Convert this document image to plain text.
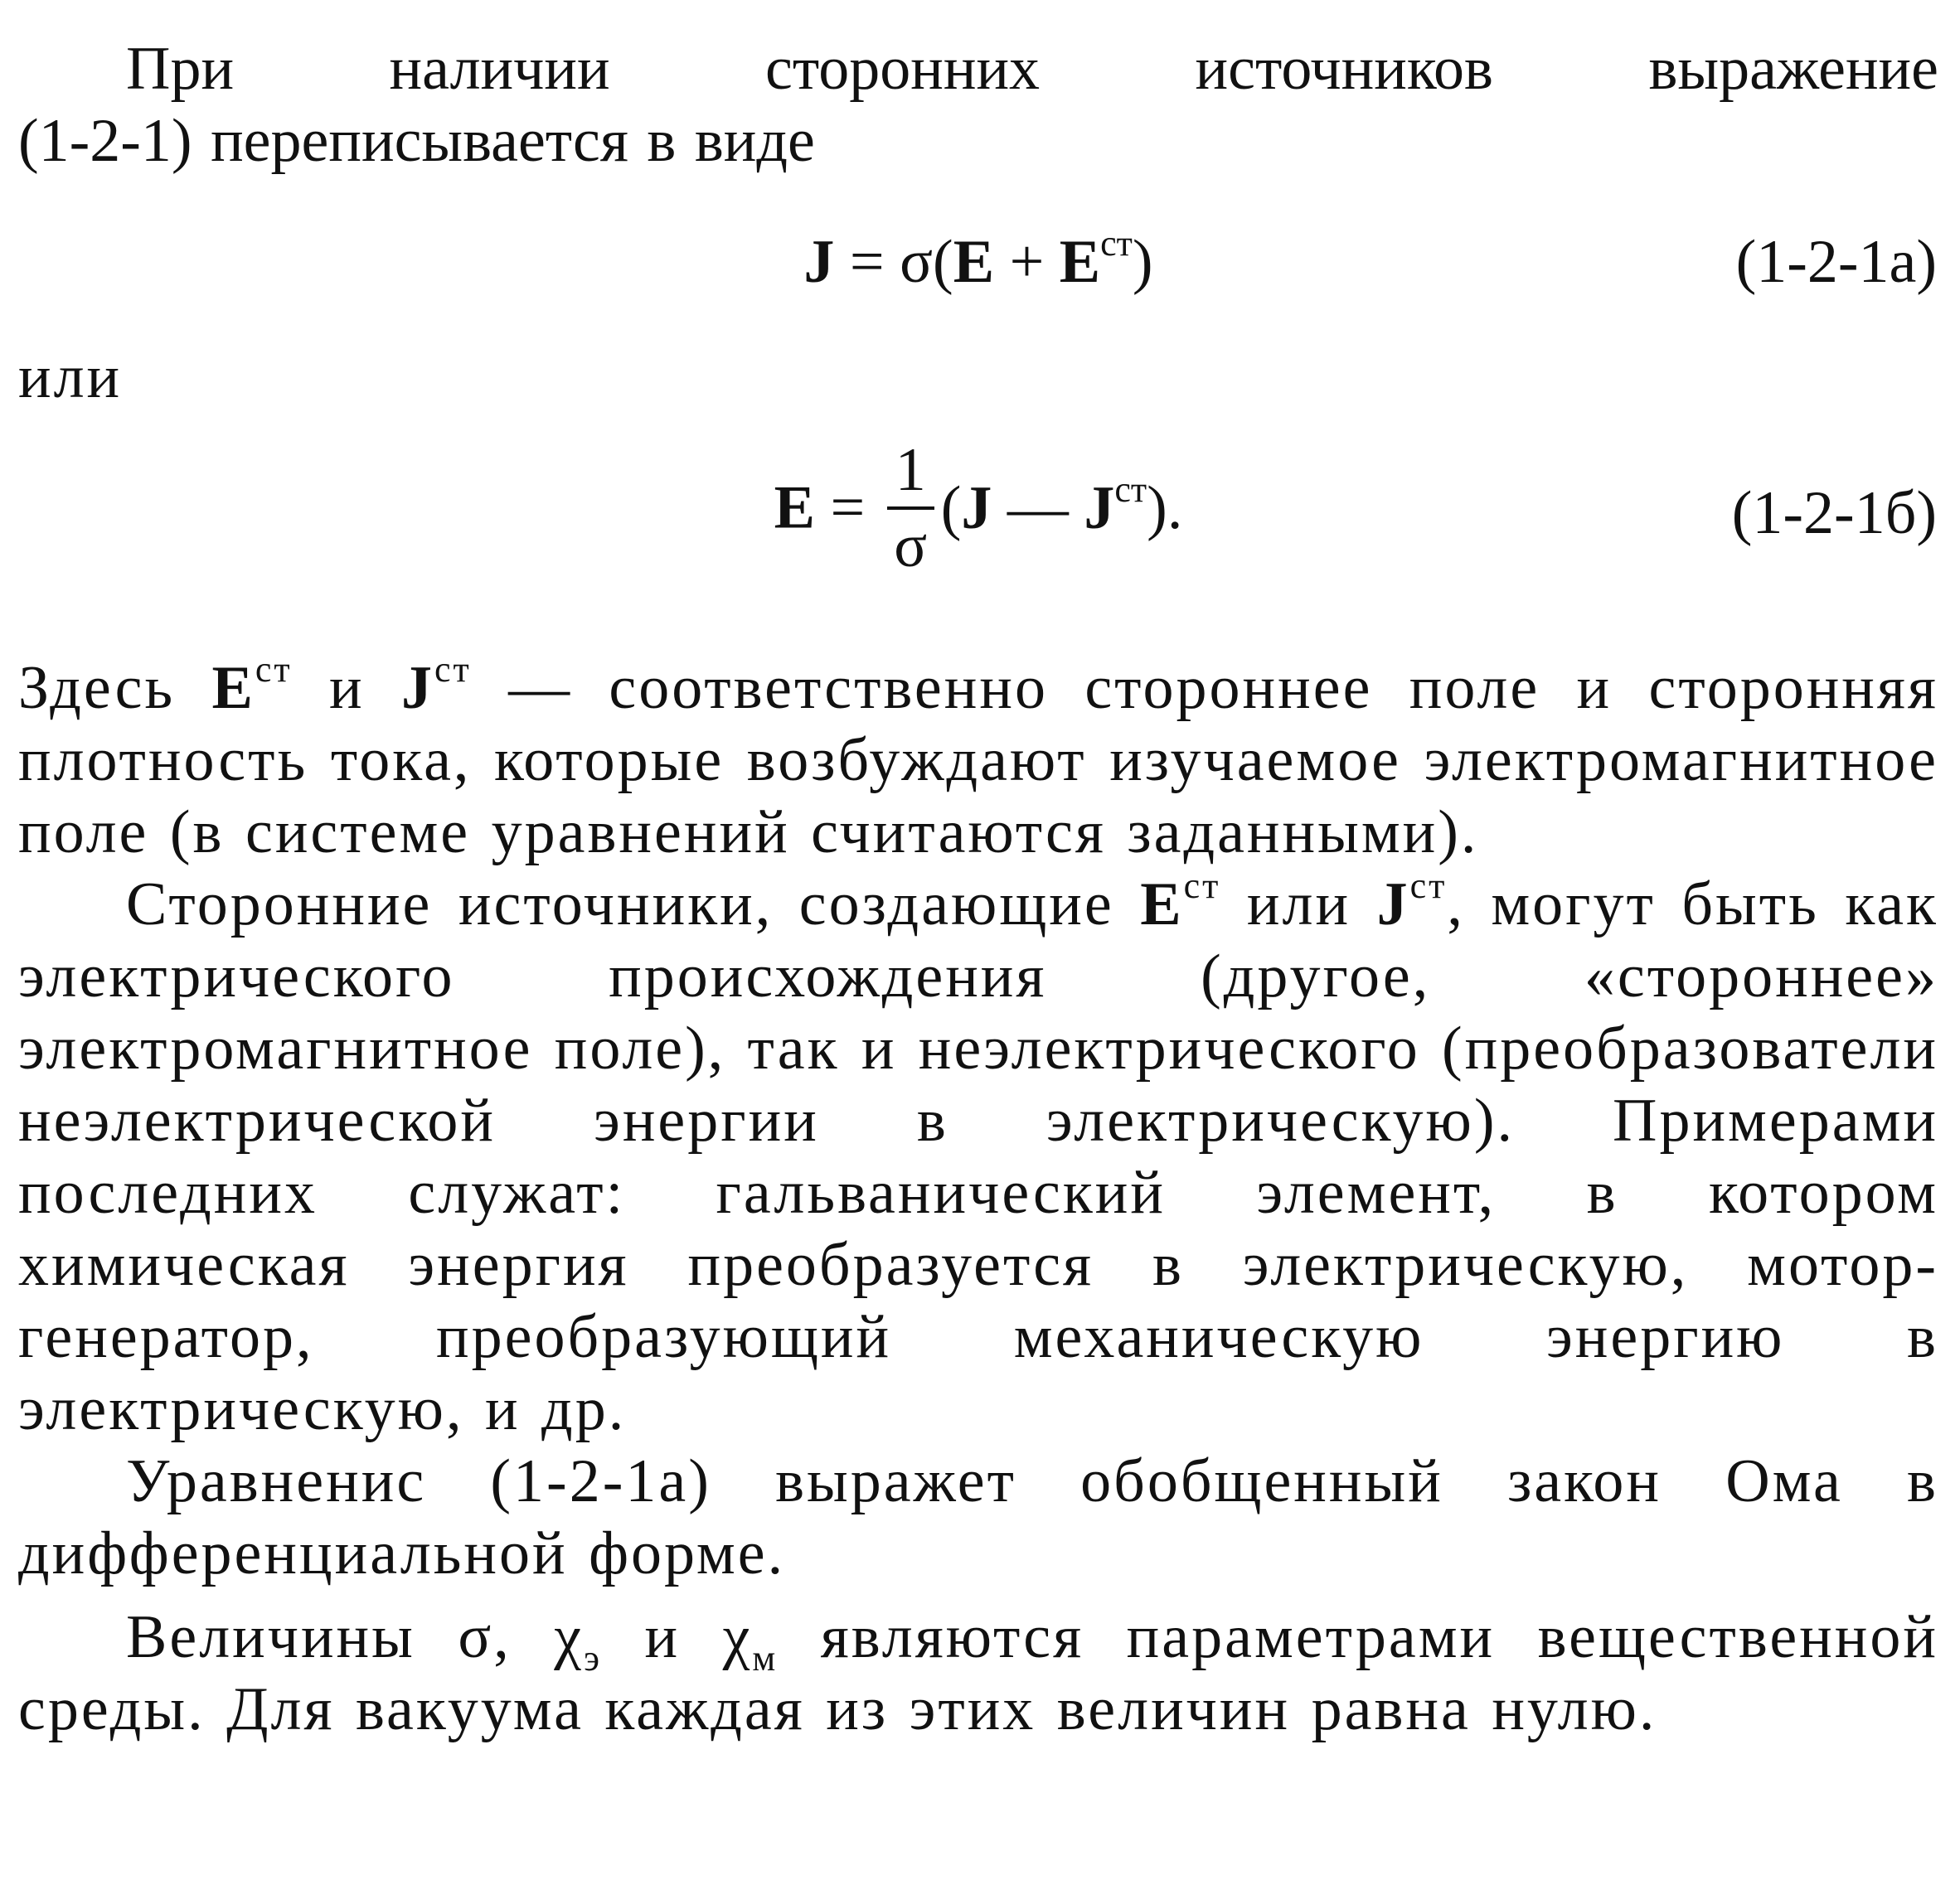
При наличии сторонних источников выражение

(1-2-1) переписывается в виде

$J = \sigma(E + E^{ст})$	(1-2-1а)

или

$E = \frac{1}{\sigma} (J$ — $J^{ст}$).	(1-2-1б)

Здесь $E^{ст}$ и $J^{ст}$ — соответственно стороннее поле и сторонняя плотность тока, которые возбуждают изучаемое электромагнитное поле (в системе уравнений считаются заданными).

Сторонние источники, создающие $E^{ст}$ или $J^{ст}$, могут быть как электрического происхождения (другое, «стороннее» электромагнитное поле), так и неэлектрического (преобразователи неэлектрической энергии в электрическую). Примерами последних служат: гальванический элемент, в котором химическая энергия преобразуется в электрическую, мотор-генератор, преобразующий механическую энергию в электрическую, и др.

Уравненис (1-2-1а) выражет обобщенный закон Ома в дифференциальной форме.

Величины σ, $\chi_э$ и $\chi_м$ являются параметрами вещественной среды. Для вакуума каждая из этих величин равна нулю.
